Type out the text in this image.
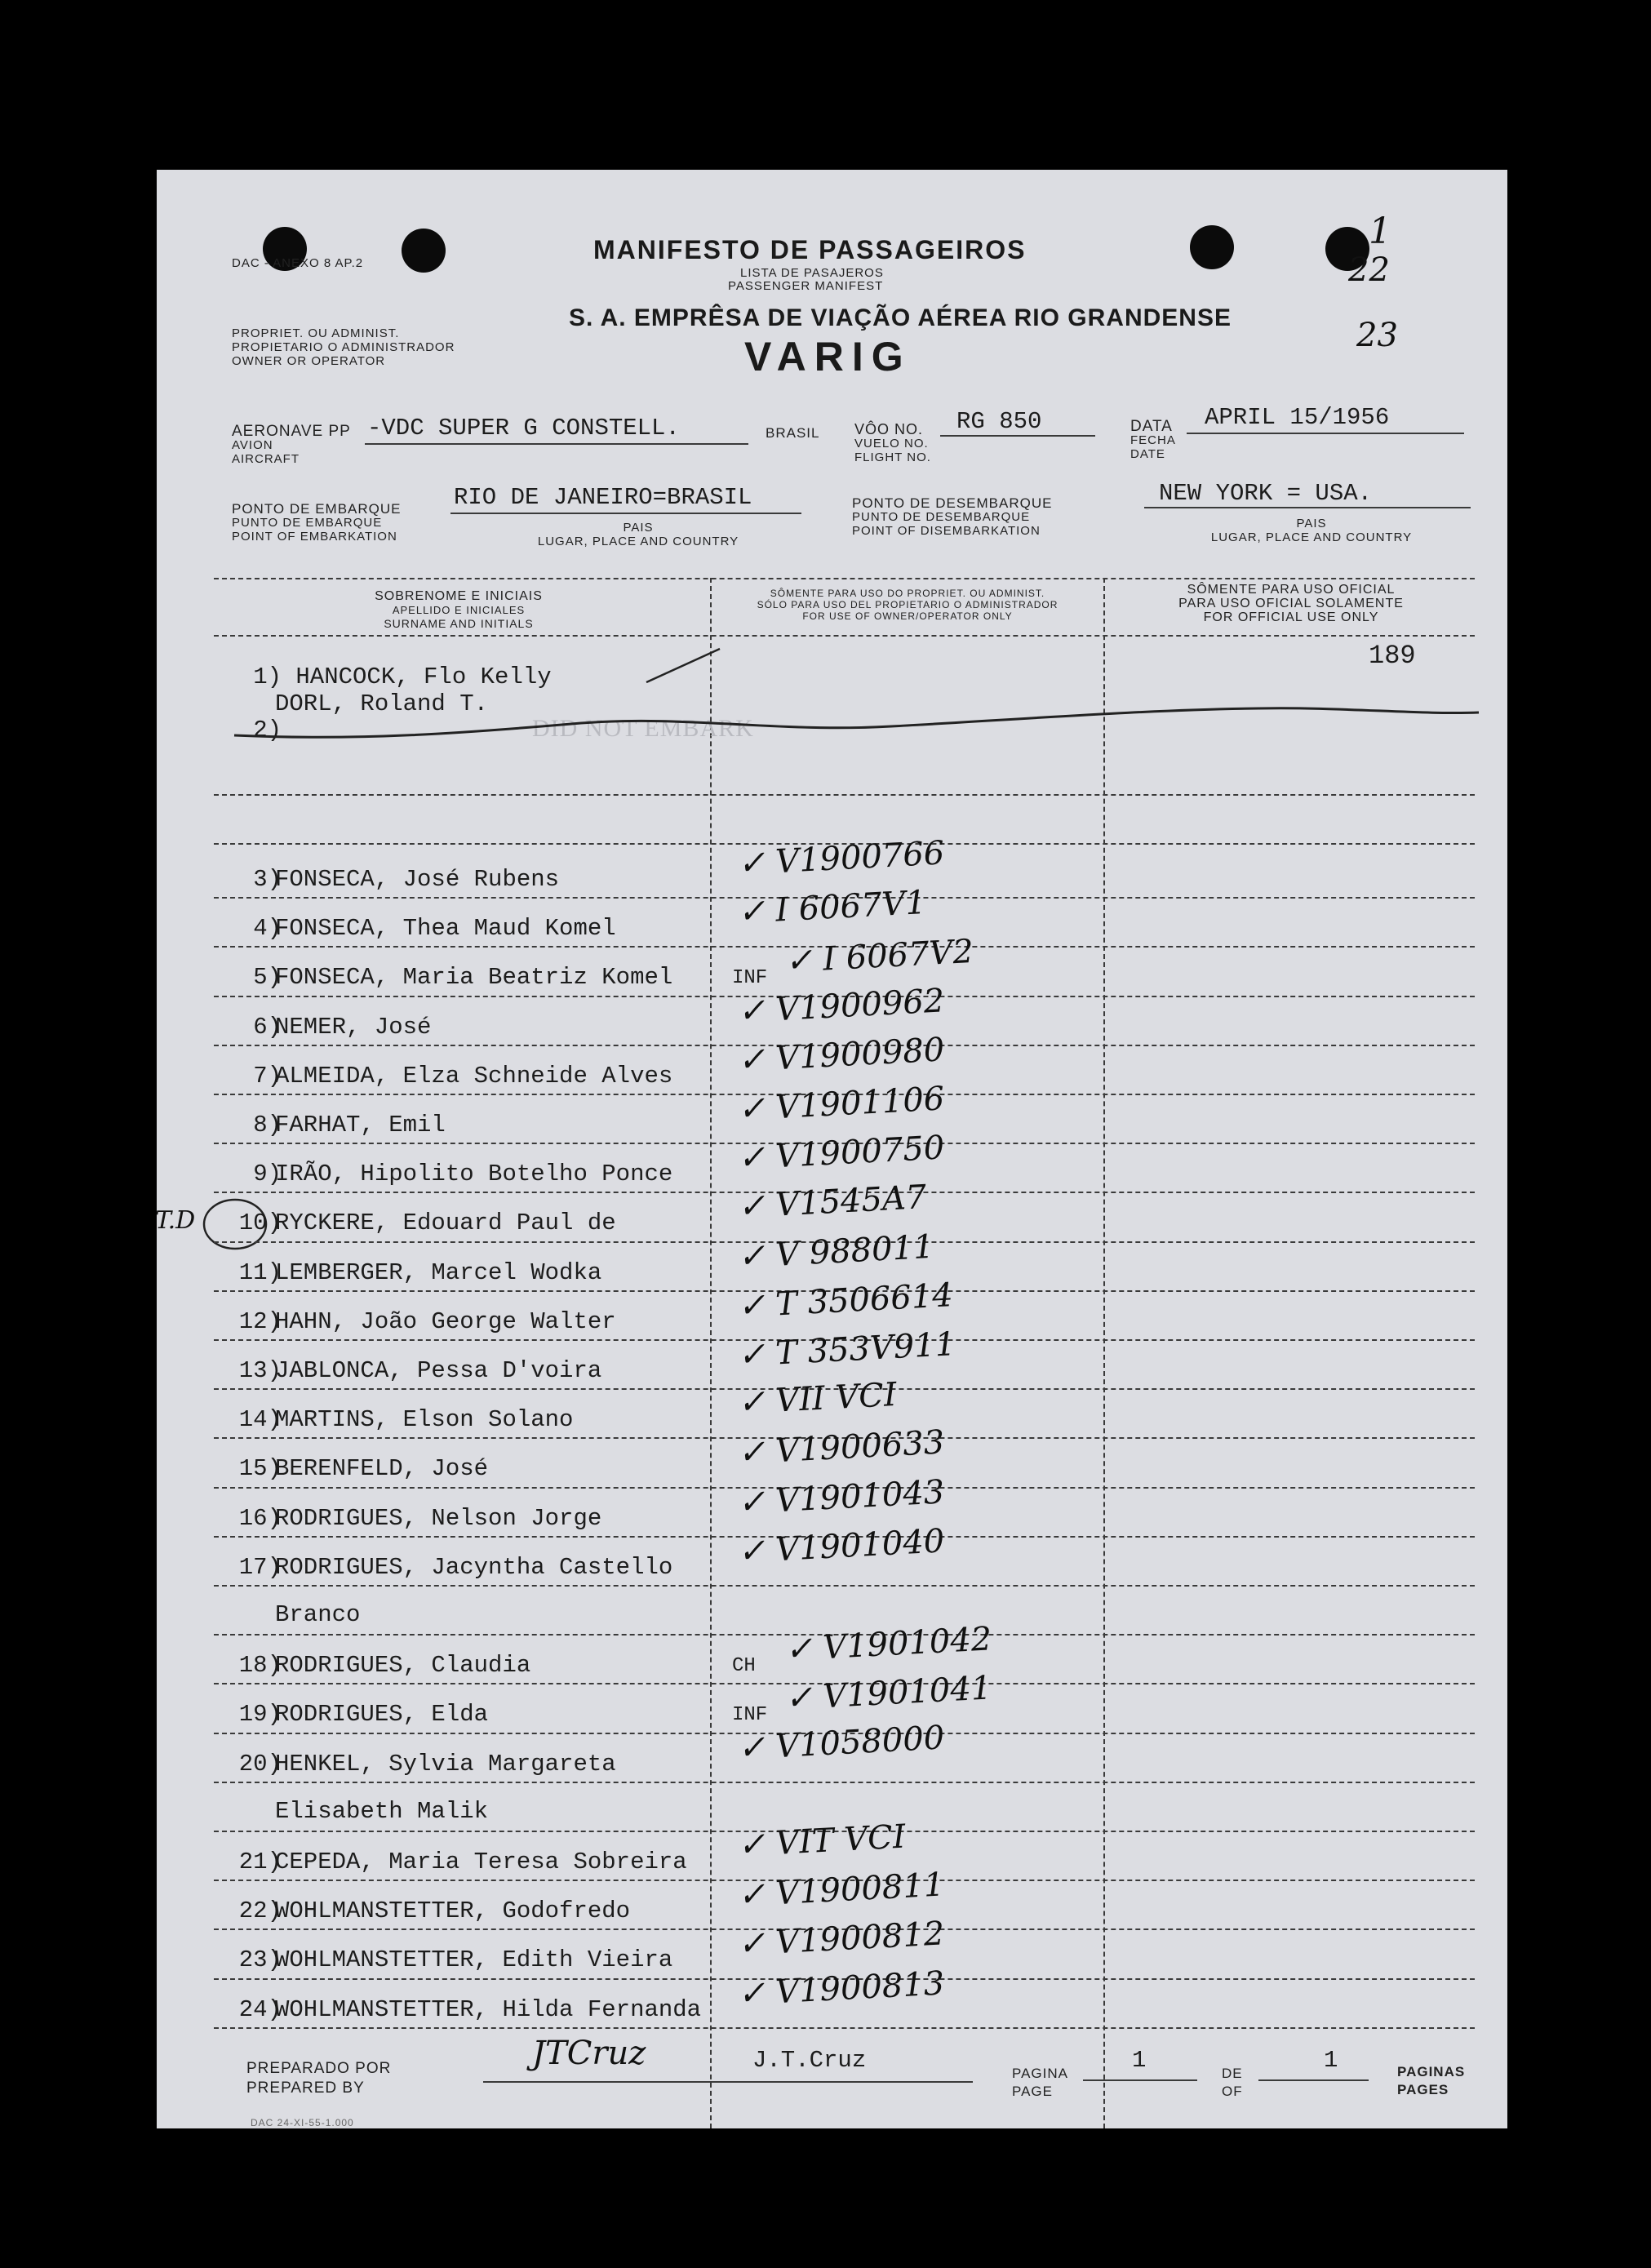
DAC - ANEXO 8 AP.2
1
22
23
MANIFESTO DE PASSAGEIROS
LISTA DE PASAJEROS
PASSENGER MANIFEST
S. A. EMPRÊSA DE VIAÇÃO AÉREA RIO GRANDENSE
VARIG
PROPRIET. OU ADMINIST.
PROPIETARIO O ADMINISTRADOR
OWNER OR OPERATOR
AERONAVE PP
AVION
AIRCRAFT
-VDC SUPER G CONSTELL.	BRASIL VÔO NO.
VUELO NO.
FLIGHT NO.
RG 850	DATA
FECHA
DATE
APRIL 15/1956
PONTO DE EMBARQUE
PUNTO DE EMBARQUE
POINT OF EMBARKATION
RIO DE JANEIRO=BRASIL
PAIS
LUGAR, PLACE AND COUNTRY
PONTO DE DESEMBARQUE
PUNTO DE DESEMBARQUE
POINT OF DISEMBARKATION
NEW YORK = USA.
PAIS
LUGAR, PLACE AND COUNTRY
SOBRENOME E INICIAIS
APELLIDO E INICIALES
SURNAME AND INITIALS
SÔMENTE PARA USO DO PROPRIET. OU ADMINIST.
SÓLO PARA USO DEL PROPIETARIO O ADMINISTRADOR
FOR USE OF OWNER/OPERATOR ONLY
SÔMENTE PARA USO OFICIAL
PARA USO OFICIAL SOLAMENTE
FOR OFFICIAL USE ONLY
1) HANCOCK, Flo Kelly
DORL, Roland T.
2)
189
DID NOT EMBARK
T.D
3)
FONSECA, José Rubens	✓ V1900766
4)
FONSECA, Thea Maud Komel	✓ I 6067V1
5)
FONSECA, Maria Beatriz Komel	INF ✓ I 6067V2
6)
NEMER, José	✓ V1900962
7)
ALMEIDA, Elza Schneide Alves ✓ V1900980
8)
FARHAT, Emil	✓ V1901106
9)
IRÃO, Hipolito Botelho Ponce ✓ V1900750
10)
RYCKERE, Edouard Paul de	✓ V1545A7
11)
LEMBERGER, Marcel Wodka	✓ V 988011
12)
HAHN, João George Walter	✓ T 3506614
13)
JABLONCA, Pessa D'voira	✓ T 353V911
14)
MARTINS, Elson Solano	✓ VII VCI
15)
BERENFELD, José	✓ V1900633
16)
RODRIGUES, Nelson Jorge	✓ V1901043
17)
RODRIGUES, Jacyntha Castello ✓ V1901040
Branco
18)
RODRIGUES, Claudia	CH ✓ V1901042
19)
RODRIGUES, Elda	INF ✓ V1901041
20)
HENKEL, Sylvia Margareta	✓ V1058000
Elisabeth Malik
21)
CEPEDA, Maria Teresa Sobreira ✓ VIT VCI
22)
WOHLMANSTETTER, Godofredo	✓ V1900811
23)
WOHLMANSTETTER, Edith Vieira ✓ V1900812
24)
WOHLMANSTETTER, Hilda Fernanda ✓ V1900813
PREPARADO POR
PREPARED BY
JTCruz	J.T.Cruz	PAGINA
PAGE
1	DE
OF
1	PAGINAS
PAGES
DAC 24-XI-55-1.000
